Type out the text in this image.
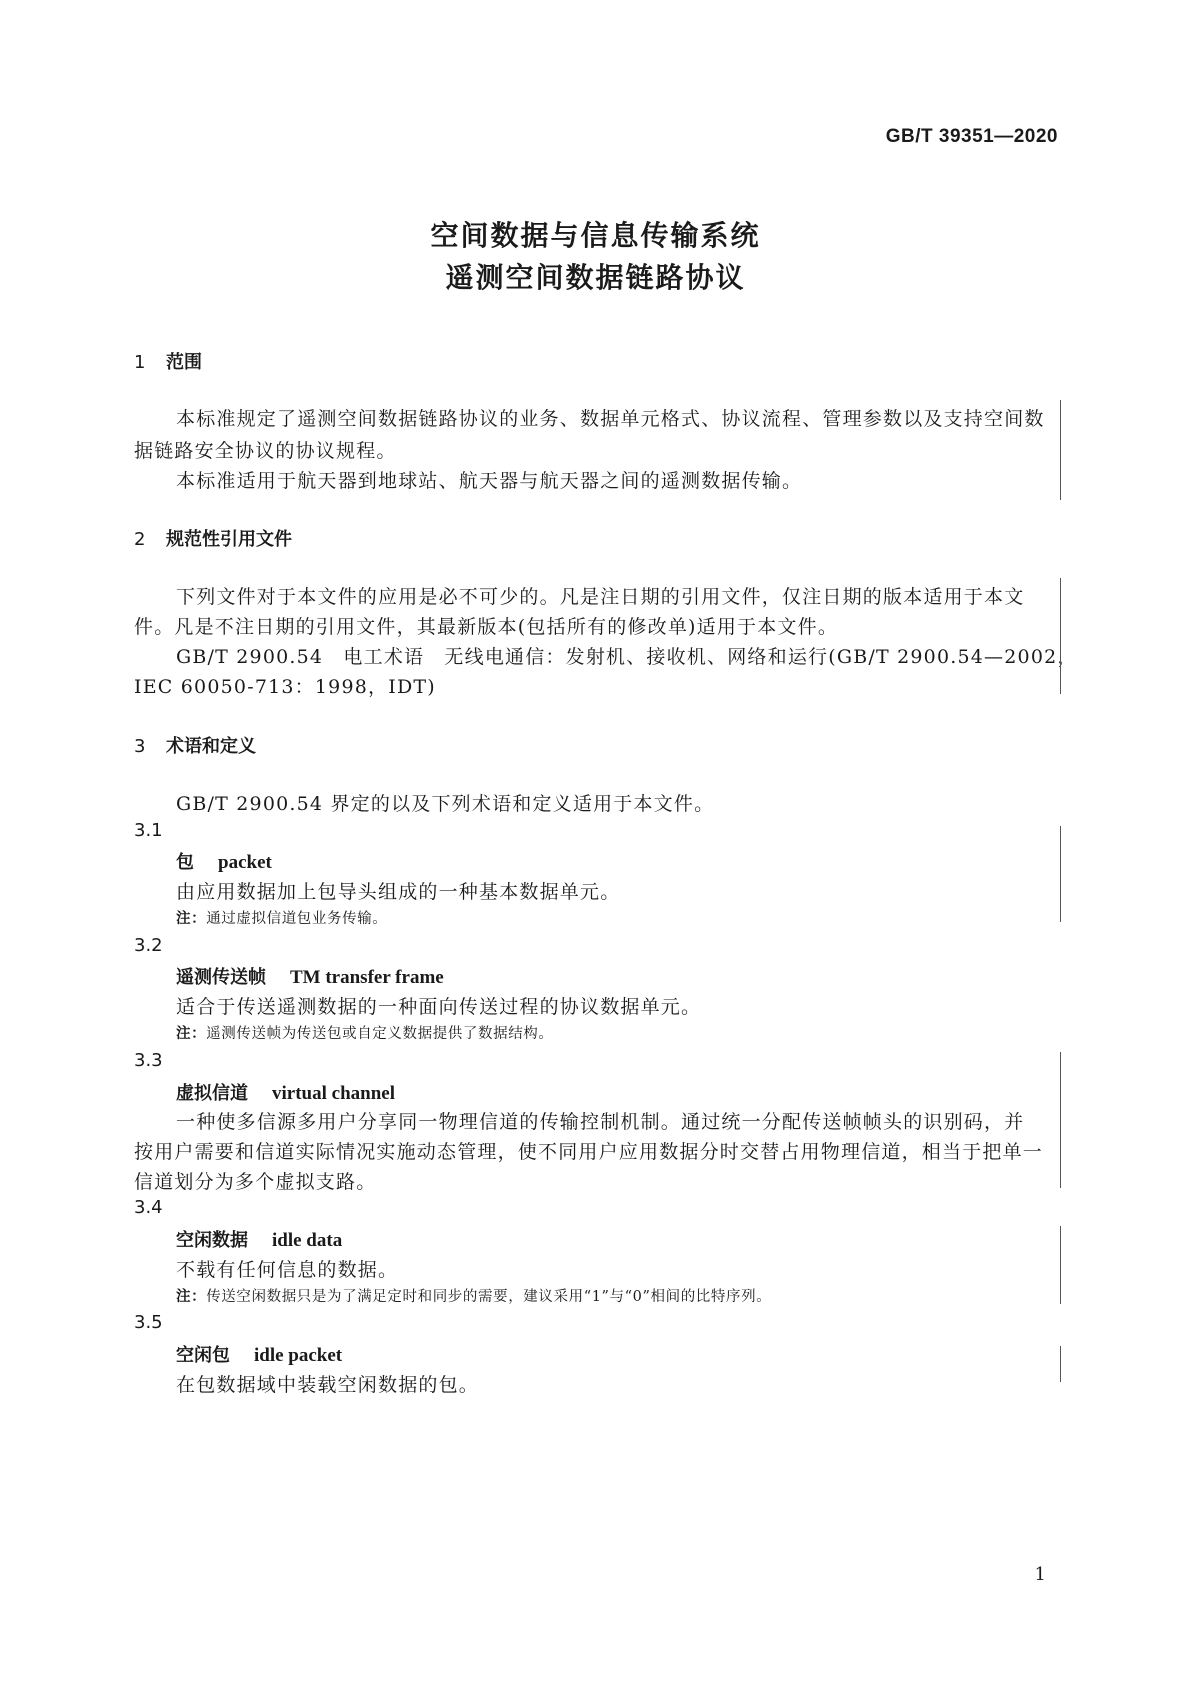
GB/T 39351—2020
空间数据与信息传输系统
遥测空间数据链路协议
1 范围
本标准规定了遥测空间数据链路协议的业务、数据单元格式、协议流程、管理参数以及支持空间数
据链路安全协议的协议规程。
本标准适用于航天器到地球站、航天器与航天器之间的遥测数据传输。
2 规范性引用文件
下列文件对于本文件的应用是必不可少的。凡是注日期的引用文件，仅注日期的版本适用于本文
件。凡是不注日期的引用文件，其最新版本(包括所有的修改单)适用于本文件。
GB/T 2900.54　电工术语　无线电通信：发射机、接收机、网络和运行(GB/T 2900.54—2002，
IEC 60050-713：1998，IDT)
3 术语和定义
GB/T 2900.54 界定的以及下列术语和定义适用于本文件。
3.1
包 packet
由应用数据加上包导头组成的一种基本数据单元。
注：通过虚拟信道包业务传输。
3.2
遥测传送帧 TM transfer frame
适合于传送遥测数据的一种面向传送过程的协议数据单元。
注：遥测传送帧为传送包或自定义数据提供了数据结构。
3.3
虚拟信道 virtual channel
一种使多信源多用户分享同一物理信道的传输控制机制。通过统一分配传送帧帧头的识别码，并
按用户需要和信道实际情况实施动态管理，使不同用户应用数据分时交替占用物理信道，相当于把单一
信道划分为多个虚拟支路。
3.4
空闲数据 idle data
不载有任何信息的数据。
注：传送空闲数据只是为了满足定时和同步的需要，建议采用“1”与“0”相间的比特序列。
3.5
空闲包 idle packet
在包数据域中装载空闲数据的包。
1
